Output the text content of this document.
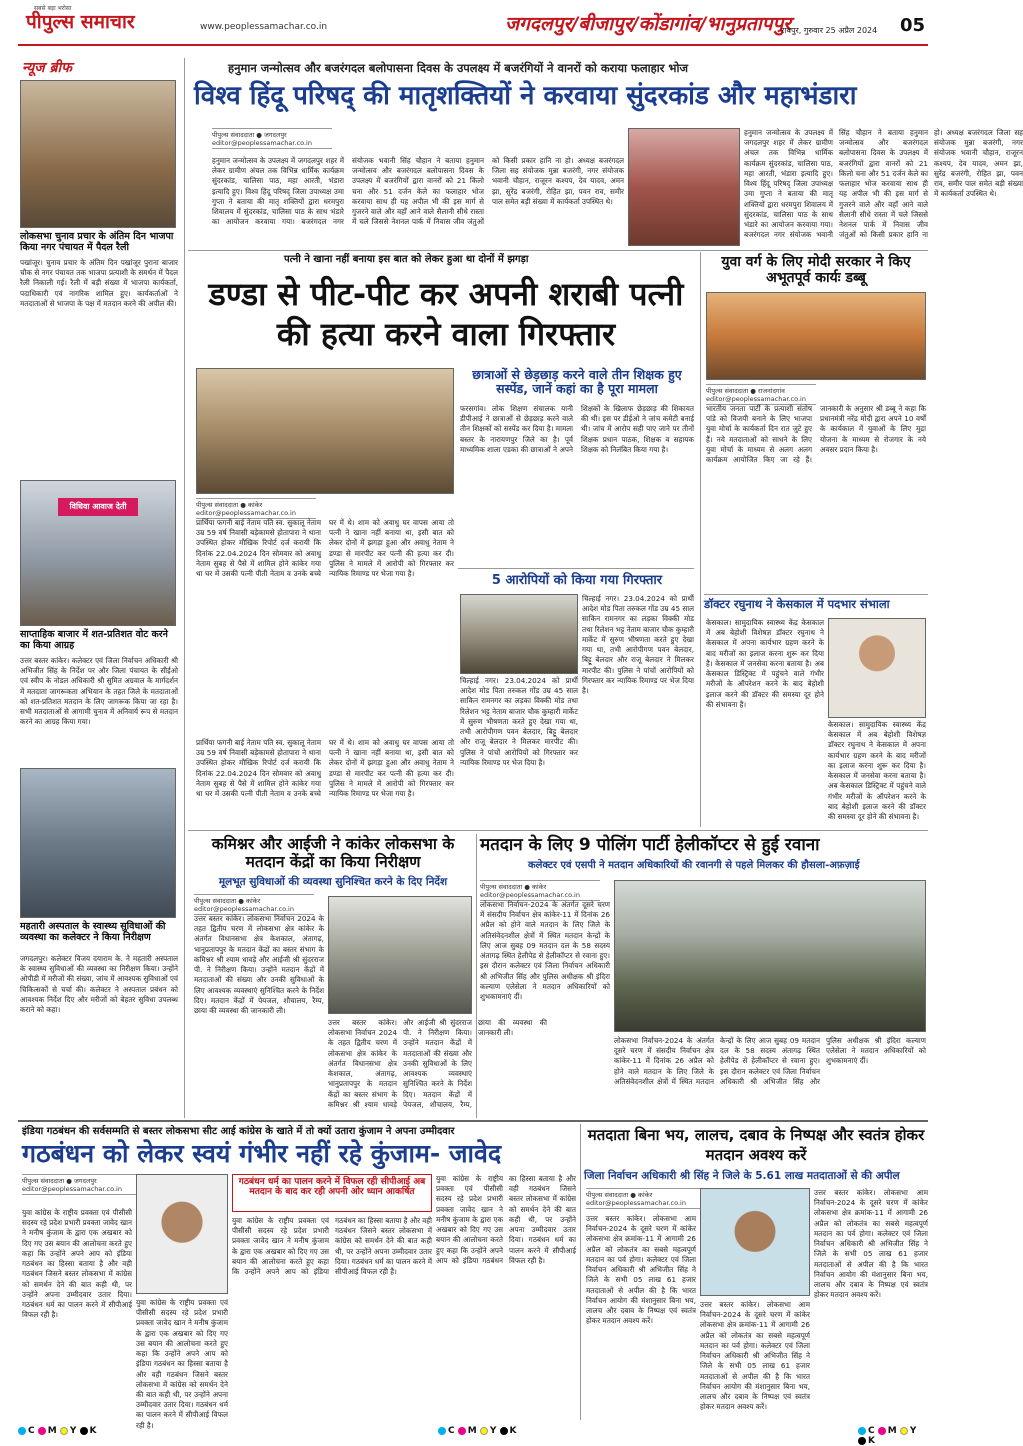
सबसे बड़ा भरोसा
पीपुल्स समाचार	www.peoplessamachar.co.in	जगदलपुर/बीजापुर/कोंडागांव/भानुप्रतापपुर
रायपुर, गुरुवार 25 अप्रैल 2024 05
न्यूज ब्रीफ
लोकसभा चुनाव प्रचार के अंतिम दिन भाजपा किया नगर पंचायत में पैदल रैली
पखांजूर। चुनाव प्रचार के अंतिम दिन पखांजूर पुराना बाजार चौक से नगर पंचायत तक भाजपा प्रत्याशी के समर्थन में पैदल रैली निकाली गई। रैली में बड़ी संख्या में भाजपा कार्यकर्ता, पदाधिकारी एवं नागरिक शामिल हुए। कार्यकर्ताओं ने मतदाताओं से भाजपा के पक्ष में मतदान करने की अपील की।
विधिवा आवाज देती
साप्ताहिक बाजार में शत-प्रतिशत वोट करने का किया आग्रह
उत्तर बस्तर कांकेर। कलेक्टर एवं जिला निर्वाचन अधिकारी श्री अभिजीत सिंह के निर्देश पर और जिला पंचायत के सीईओ एवं स्वीप के नोडल अधिकारी श्री सुमित अग्रवाल के मार्गदर्शन में मतदाता जागरूकता अभियान के तहत जिले के मतदाताओं को शत-प्रतिशत मतदान के लिए जागरूक किया जा रहा है। सभी मतदाताओं से आगामी चुनाव में अनिवार्य रूप से मतदान करने का आग्रह किया गया।
महतारी अस्पताल के स्वास्थ्य सुविधाओं की व्यवस्था का कलेक्टर ने किया निरीक्षण
जगदलपुर। कलेक्टर विजय दयाराम के. ने महतारी अस्पताल के स्वास्थ्य सुविधाओं की व्यवस्था का निरीक्षण किया। उन्होंने ओपीडी में मरीजों की संख्या, जांच में आवश्यक सुविधाओं एवं चिकित्सकों से चर्चा की। कलेक्टर ने अस्पताल प्रबंधन को आवश्यक निर्देश दिए और मरीजों को बेहतर सुविधा उपलब्ध कराने को कहा।
हनुमान जन्मोत्सव और बजरंगदल बलोपासना दिवस के उपलक्ष्य में बजरंगियों ने वानरों को कराया फलाहार भोज
विश्व हिंदू परिषद् की मातृशक्तियों ने करवाया सुंदरकांड और महाभंडारा
पीपुल्स संवाददाता ● जगदलपुर
editor@peoplessamachar.co.in
हनुमान जन्मोत्सव के उपलक्ष्य में जगदलपुर शहर में लेकर ग्रामीण अंचल तक विभिन्न धार्मिक कार्यक्रम सुंदरकांड, चालिसा पाठ, महा आरती, भंडारा इत्यादि हुए। विश्व हिंदू परिषद् जिला उपाध्यक्ष उमा गुप्ता ने बताया की मातृ शक्तियों द्वारा धरमपुरा शिवालय में सुंदरकांड, चालिसा पाठ के साथ भंडारे का आयोजन करवाया गया। बजरंगदल नगर संयोजक भवानी सिंह चौहान ने बताया हनुमान जन्मोत्सव और बजरंगदल बलोपासना दिवस के उपलक्ष्य में बजरंगियों द्वारा वानरों को 21 किलो चना और 51 दर्जन केले का फलाहार भोज करवाया साथ ही यह अपील भी की इस मार्ग से गुजरने वाले और वहाँ आने वाले सैलानी सीधे रास्ता में चले जिससे नेशनल पार्क में निवास जीव जंतुओं को किसी प्रकार हानि ना हो। अध्यक्ष बजरंगदल जिला सह संयोजक मुन्ना बजरंगी, नगर संयोजक भवानी चौहान, राजूरन कश्यप, देव यादव, अमन झा, सुरेंद्र बजरंगी, रोहित झा, पवन राव, समीर पाल समेत बड़ी संख्या में कार्यकर्ता उपस्थित थे।
हनुमान जन्मोत्सव के उपलक्ष्य में जगदलपुर शहर में लेकर ग्रामीण अंचल तक विभिन्न धार्मिक कार्यक्रम सुंदरकांड, चालिसा पाठ, महा आरती, भंडारा इत्यादि हुए। विश्व हिंदू परिषद् जिला उपाध्यक्ष उमा गुप्ता ने बताया की मातृ शक्तियों द्वारा धरमपुरा शिवालय में सुंदरकांड, चालिसा पाठ के साथ भंडारे का आयोजन करवाया गया। बजरंगदल नगर संयोजक भवानी सिंह चौहान ने बताया हनुमान जन्मोत्सव और बजरंगदल बलोपासना दिवस के उपलक्ष्य में बजरंगियों द्वारा वानरों को 21 किलो चना और 51 दर्जन केले का फलाहार भोज करवाया साथ ही यह अपील भी की इस मार्ग से गुजरने वाले और वहाँ आने वाले सैलानी सीधे रास्ता में चले जिससे नेशनल पार्क में निवास जीव जंतुओं को किसी प्रकार हानि ना हो। अध्यक्ष बजरंगदल जिला सह संयोजक मुन्ना बजरंगी, नगर संयोजक भवानी चौहान, राजूरन कश्यप, देव यादव, अमन झा, सुरेंद्र बजरंगी, रोहित झा, पवन राव, समीर पाल समेत बड़ी संख्या में कार्यकर्ता उपस्थित थे।
पत्नी ने खाना नहीं बनाया इस बात को लेकर हुआ था दोनों में झगड़ा
डण्डा से पीट-पीट कर अपनी शराबी पत्नी की हत्या करने वाला गिरफ्तार
पीपुल्स संवाददाता ● कांकेर
editor@peoplessamachar.co.in
प्रार्थिया फगनी बाई नेताम पति स्व. सुकालू नेताम उम्र 59 वर्ष निवासी बड़ेकामसे होतापारा ने थाना उपस्थित होकर मौखिक रिपोर्ट दर्ज करायी कि दिनांक 22.04.2024 दिन सोमवार को अवाधु नेताम सुबह से पैसे में शामिल होने कांकेर गया था घर में उसकी पत्नी पीती नेताम व उनके बच्चे घर में थे। शाम को अवाधु घर वापस आया तो पत्नी ने खाना नहीं बनाया था, इसी बात को लेकर दोनों में झगड़ा हुआ और अवाधु नेताम ने डण्डा से मारपीट कर पत्नी की हत्या कर दी। पुलिस ने मामले में आरोपी को गिरफ्तार कर न्यायिक रिमाण्ड पर भेजा गया है।
प्रार्थिया फगनी बाई नेताम पति स्व. सुकालू नेताम उम्र 59 वर्ष निवासी बड़ेकामसे होतापारा ने थाना उपस्थित होकर मौखिक रिपोर्ट दर्ज करायी कि दिनांक 22.04.2024 दिन सोमवार को अवाधु नेताम सुबह से पैसे में शामिल होने कांकेर गया था घर में उसकी पत्नी पीती नेताम व उनके बच्चे घर में थे। शाम को अवाधु घर वापस आया तो पत्नी ने खाना नहीं बनाया था, इसी बात को लेकर दोनों में झगड़ा हुआ और अवाधु नेताम ने डण्डा से मारपीट कर पत्नी की हत्या कर दी। पुलिस ने मामले में आरोपी को गिरफ्तार कर न्यायिक रिमाण्ड पर भेजा गया है।
छात्राओं से छेड़छाड़ करने वाले तीन शिक्षक हुए सस्पेंड, जानें कहां का है पूरा मामला
फरसगांव। लोक शिक्षण संचालक यानी डीपीआई ने छात्राओं से छेड़छाड़ करने वाले तीन शिक्षकों को सस्पेंड कर दिया है। मामला बस्तर के नारायणपुर जिले का है। पूर्व माध्यमिक शाला एडका की छात्राओं ने अपने शिक्षकों के खिलाफ छेड़छाड़ की शिकायत की थी। इस पर डीईओ ने जांच कमेटी बनाई थी। जांच में आरोप सही पाए जाने पर तीनों शिक्षक प्रधान पाठक, शिक्षक व सहायक शिक्षक को निलंबित किया गया है।
5 आरोपियों को किया गया गिरफ्तार
चिल्हाई नगर। 23.04.2024 को प्रार्थी आदेश मोड पिता तरुकल गोंड उम्र 45 साल साकिन रामनगर का लड़का विक्की मोड तथा रिलेशन भट्ट नेताम बाजार चौक कुम्हारी मार्केट में सुरुण भीषणता करते हुए देखा गया था, तभी आरोपीगण पवन बेलदार, बिट्टू बेलदार और राजू बेलदार ने मिलकर मारपीट की। पुलिस ने पांचों आरोपियों को गिरफ्तार कर न्यायिक रिमाण्ड पर भेज दिया है।
चिल्हाई नगर। 23.04.2024 को प्रार्थी आदेश मोड पिता तरुकल गोंड उम्र 45 साल साकिन रामनगर का लड़का विक्की मोड तथा रिलेशन भट्ट नेताम बाजार चौक कुम्हारी मार्केट में सुरुण भीषणता करते हुए देखा गया था, तभी आरोपीगण पवन बेलदार, बिट्टू बेलदार और राजू बेलदार ने मिलकर मारपीट की। पुलिस ने पांचों आरोपियों को गिरफ्तार कर न्यायिक रिमाण्ड पर भेज दिया है।
युवा वर्ग के लिए मोदी सरकार ने किए अभूतपूर्व कार्यः डब्बू
पीपुल्स संवाददाता ● राजनांदगांव
editor@peoplessamachar.co.in
भारतीय जनता पार्टी के प्रत्याशी संतोष पांडे को विजयी बनाने के लिए भाजपा युवा मोर्चा के कार्यकर्ता दिन रात जुटे हुए हैं। नये मतदाताओं को साधने के लिए युवा मोर्चा के माध्यम से अलग अलग कार्यक्रम आयोजित किए जा रहे हैं। जानकारी के अनुसार श्री डब्बू ने कहा कि प्रधानमंत्री नरेंद्र मोदी द्वारा अपने 10 वर्षों के कार्यकाल में युवाओं के लिए मुद्रा योजना के माध्यम से रोजगार के नये अवसर प्रदान किया है।
डॉक्टर रघुनाथ ने केसकाल में पदभार संभाला
केसकाल। सामुदायिक स्वास्थ्य केंद्र केसकाल में अब बेहोशी विशेषज्ञ डॉक्टर रघुनाथ ने केसकाल में अपना कार्यभार ग्रहण करने के बाद मरीजों का इलाज करना शुरू कर दिया है। केसकाल में जनसेवा करना बताया है। अब केसकाल डिस्ट्रिक्ट में पहुंचने वाले गंभीर मरीजों के ऑपरेशन करने के बाद बेहोशी इलाज करने की डॉक्टर की समस्या दूर होने की संभावना है।
केसकाल। सामुदायिक स्वास्थ्य केंद्र केसकाल में अब बेहोशी विशेषज्ञ डॉक्टर रघुनाथ ने केसकाल में अपना कार्यभार ग्रहण करने के बाद मरीजों का इलाज करना शुरू कर दिया है। केसकाल में जनसेवा करना बताया है। अब केसकाल डिस्ट्रिक्ट में पहुंचने वाले गंभीर मरीजों के ऑपरेशन करने के बाद बेहोशी इलाज करने की डॉक्टर की समस्या दूर होने की संभावना है।
कमिश्नर और आईजी ने कांकेर लोकसभा के मतदान केंद्रों का किया निरीक्षण
मूलभूत सुविधाओं की व्यवस्था सुनिश्चित करने के दिए निर्देश
पीपुल्स संवाददाता ● कांकेर
editor@peoplessamachar.co.in
उत्तर बस्तर कांकेर। लोकसभा निर्वाचन 2024 के तहत द्वितीय चरण में लोकसभा क्षेत्र कांकेर के अंतर्गत विधानसभा क्षेत्र केशकाल, अंतागढ़, भानुप्रतापपुर के मतदान केंद्रों का बस्तर संभाग के कमिश्नर श्री श्याम धावड़े और आईजी श्री सुंदरराज पी. ने निरीक्षण किया। उन्होंने मतदान केंद्रों में मतदाताओं की संख्या और उनकी सुविधाओं के लिए आवश्यक व्यवस्थाएं सुनिश्चित करने के निर्देश दिए। मतदान केंद्रों में पेयजल, शौचालय, रैम्प, छाया की व्यवस्था की जानकारी ली।
उत्तर बस्तर कांकेर। लोकसभा निर्वाचन 2024 के तहत द्वितीय चरण में लोकसभा क्षेत्र कांकेर के अंतर्गत विधानसभा क्षेत्र केशकाल, अंतागढ़, भानुप्रतापपुर के मतदान केंद्रों का बस्तर संभाग के कमिश्नर श्री श्याम धावड़े और आईजी श्री सुंदरराज पी. ने निरीक्षण किया। उन्होंने मतदान केंद्रों में मतदाताओं की संख्या और उनकी सुविधाओं के लिए आवश्यक व्यवस्थाएं सुनिश्चित करने के निर्देश दिए। मतदान केंद्रों में पेयजल, शौचालय, रैम्प, छाया की व्यवस्था की जानकारी ली।
मतदान के लिए 9 पोलिंग पार्टी हेलीकॉप्टर से हुई रवाना
कलेक्टर एवं एसपी ने मतदान अधिकारियों की रवानगी से पहले मिलकर की हौसला-अफ़ज़ाई
पीपुल्स संवाददाता ● कांकेर
editor@peoplessamachar.co.in
लोकसभा निर्वाचन-2024 के अंतर्गत दूसरे चरण में संसदीय निर्वाचन क्षेत्र कांकेर-11 में दिनांक 26 अप्रैल को होने वाले मतदान के लिए जिले के अतिसंवेदनशील क्षेत्रों में स्थित मतदान केन्द्रों के लिए आज सुबह 09 मतदान दल के 58 सदस्य अंतागढ़ स्थित हेलीपेड से हेलीकॉप्टर से रवाना हुए। इस दौरान कलेक्टर एवं जिला निर्वाचन अधिकारी श्री अभिजीत सिंह और पुलिस अधीक्षक श्री इंदिरा कल्याण एलेसेला ने मतदान अधिकारियों को शुभकामनाएं दीं।
लोकसभा निर्वाचन-2024 के अंतर्गत दूसरे चरण में संसदीय निर्वाचन क्षेत्र कांकेर-11 में दिनांक 26 अप्रैल को होने वाले मतदान के लिए जिले के अतिसंवेदनशील क्षेत्रों में स्थित मतदान केन्द्रों के लिए आज सुबह 09 मतदान दल के 58 सदस्य अंतागढ़ स्थित हेलीपेड से हेलीकॉप्टर से रवाना हुए। इस दौरान कलेक्टर एवं जिला निर्वाचन अधिकारी श्री अभिजीत सिंह और पुलिस अधीक्षक श्री इंदिरा कल्याण एलेसेला ने मतदान अधिकारियों को शुभकामनाएं दीं।
इंडिया गठबंधन की सर्वसम्मति से बस्तर लोकसभा सीट आई कांग्रेस के खाते में तो क्यों उतारा कुंजाम ने अपना उम्मीदवार
गठबंधन को लेकर स्वयं गंभीर नहीं रहे कुंजाम- जावेद
पीपुल्स संवाददाता ● जगदलपुर
editor@peoplessamachar.co.in
युवा कांग्रेस के राष्ट्रीय प्रवक्ता एवं पीसीसी सदस्य रहे प्रदेश प्रभारी प्रवक्ता जावेद खान ने मनीष कुंजाम के द्वारा एक अखबार को दिए गए उस बयान की आलोचना करते हुए कहा कि उन्होंने अपने आप को इंडिया गठबंधन का हिस्सा बताया है और वही गठबंधन जिसने बस्तर लोकसभा में कांग्रेस को समर्थन देने की बात कही थी, पर उन्होंने अपना उम्मीदवार उतार दिया। गठबंधन धर्म का पालन करने में सीपीआई विफल रही है।
गठबंधन धर्म का पालन करने में विफल रही सीपीआई अब मतदान के बाद कर रही अपनी ओर ध्यान आकर्षित
युवा कांग्रेस के राष्ट्रीय प्रवक्ता एवं पीसीसी सदस्य रहे प्रदेश प्रभारी प्रवक्ता जावेद खान ने मनीष कुंजाम के द्वारा एक अखबार को दिए गए उस बयान की आलोचना करते हुए कहा कि उन्होंने अपने आप को इंडिया गठबंधन का हिस्सा बताया है और वही गठबंधन जिसने बस्तर लोकसभा में कांग्रेस को समर्थन देने की बात कही थी, पर उन्होंने अपना उम्मीदवार उतार दिया। गठबंधन धर्म का पालन करने में सीपीआई विफल रही है।
युवा कांग्रेस के राष्ट्रीय प्रवक्ता एवं पीसीसी सदस्य रहे प्रदेश प्रभारी प्रवक्ता जावेद खान ने मनीष कुंजाम के द्वारा एक अखबार को दिए गए उस बयान की आलोचना करते हुए कहा कि उन्होंने अपने आप को इंडिया गठबंधन का हिस्सा बताया है और वही गठबंधन जिसने बस्तर लोकसभा में कांग्रेस को समर्थन देने की बात कही थी, पर उन्होंने अपना उम्मीदवार उतार दिया। गठबंधन धर्म का पालन करने में सीपीआई विफल रही है।
युवा कांग्रेस के राष्ट्रीय प्रवक्ता एवं पीसीसी सदस्य रहे प्रदेश प्रभारी प्रवक्ता जावेद खान ने मनीष कुंजाम के द्वारा एक अखबार को दिए गए उस बयान की आलोचना करते हुए कहा कि उन्होंने अपने आप को इंडिया गठबंधन का हिस्सा बताया है और वही गठबंधन जिसने बस्तर लोकसभा में कांग्रेस को समर्थन देने की बात कही थी, पर उन्होंने अपना उम्मीदवार उतार दिया। गठबंधन धर्म का पालन करने में सीपीआई विफल रही है।
मतदाता बिना भय, लालच, दबाव के निष्पक्ष और स्वतंत्र होकर मतदान अवश्य करें
जिला निर्वाचन अधिकारी श्री सिंह ने जिले के 5.61 लाख मतदाताओं से की अपील
पीपुल्स संवाददाता ● कांकेर
editor@peoplessamachar.co.in
उत्तर बस्तर कांकेर। लोकसभा आम निर्वाचन-2024 के दूसरे चरण में कांकेर लोकसभा क्षेत्र क्रमांक-11 में आगामी 26 अप्रैल को लोकतंत्र का सबसे महत्वपूर्ण मतदान का पर्व होगा। कलेक्टर एवं जिला निर्वाचन अधिकारी श्री अभिजीत सिंह ने जिले के सभी 05 लाख 61 हजार मतदाताओं से अपील की है कि भारत निर्वाचन आयोग की मंशानुसार बिना भय, लालच और दबाव के निष्पक्ष एवं स्वतंत्र होकर मतदान अवश्य करें।
उत्तर बस्तर कांकेर। लोकसभा आम निर्वाचन-2024 के दूसरे चरण में कांकेर लोकसभा क्षेत्र क्रमांक-11 में आगामी 26 अप्रैल को लोकतंत्र का सबसे महत्वपूर्ण मतदान का पर्व होगा। कलेक्टर एवं जिला निर्वाचन अधिकारी श्री अभिजीत सिंह ने जिले के सभी 05 लाख 61 हजार मतदाताओं से अपील की है कि भारत निर्वाचन आयोग की मंशानुसार बिना भय, लालच और दबाव के निष्पक्ष एवं स्वतंत्र होकर मतदान अवश्य करें।
उत्तर बस्तर कांकेर। लोकसभा आम निर्वाचन-2024 के दूसरे चरण में कांकेर लोकसभा क्षेत्र क्रमांक-11 में आगामी 26 अप्रैल को लोकतंत्र का सबसे महत्वपूर्ण मतदान का पर्व होगा। कलेक्टर एवं जिला निर्वाचन अधिकारी श्री अभिजीत सिंह ने जिले के सभी 05 लाख 61 हजार मतदाताओं से अपील की है कि भारत निर्वाचन आयोग की मंशानुसार बिना भय, लालच और दबाव के निष्पक्ष एवं स्वतंत्र होकर मतदान अवश्य करें।
C M Y K	C M Y K	C M Y K
